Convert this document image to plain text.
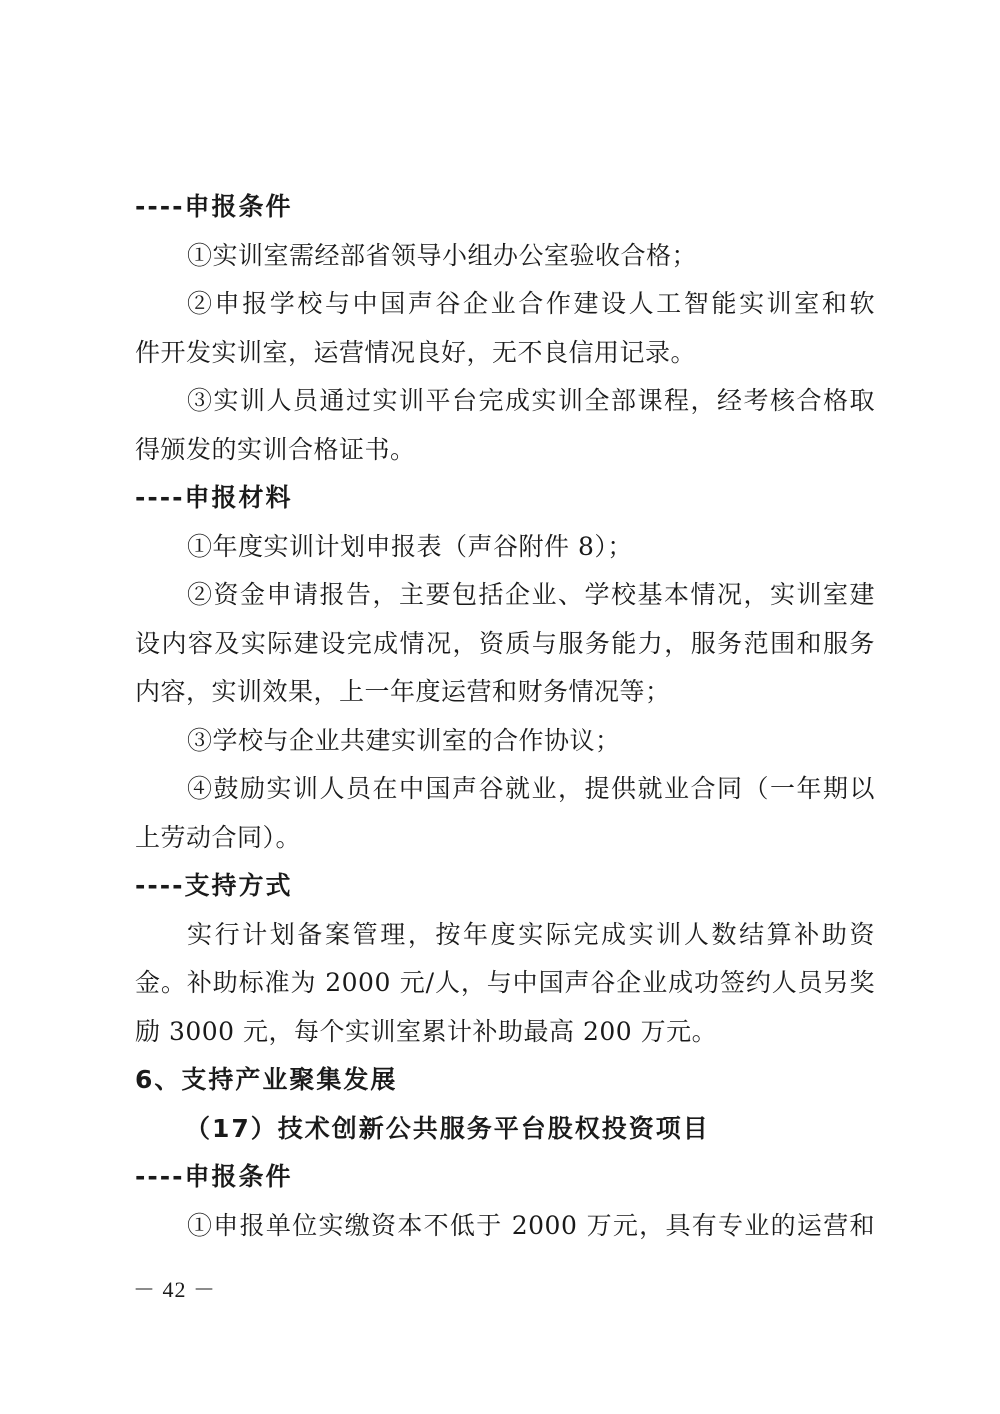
----申报条件
①实训室需经部省领导小组办公室验收合格；
②申报学校与中国声谷企业合作建设人工智能实训室和软
件开发实训室，运营情况良好，无不良信用记录。
③实训人员通过实训平台完成实训全部课程，经考核合格取
得颁发的实训合格证书。
----申报材料
①年度实训计划申报表（声谷附件 8）；
②资金申请报告，主要包括企业、学校基本情况，实训室建
设内容及实际建设完成情况，资质与服务能力，服务范围和服务
内容，实训效果，上一年度运营和财务情况等；
③学校与企业共建实训室的合作协议；
④鼓励实训人员在中国声谷就业，提供就业合同（一年期以
上劳动合同）。
----支持方式
实行计划备案管理，按年度实际完成实训人数结算补助资
金。补助标准为 2000 元/人，与中国声谷企业成功签约人员另奖
励 3000 元，每个实训室累计补助最高 200 万元。
6、支持产业聚集发展
（17）技术创新公共服务平台股权投资项目
----申报条件
①申报单位实缴资本不低于 2000 万元，具有专业的运营和
－ 42 －
